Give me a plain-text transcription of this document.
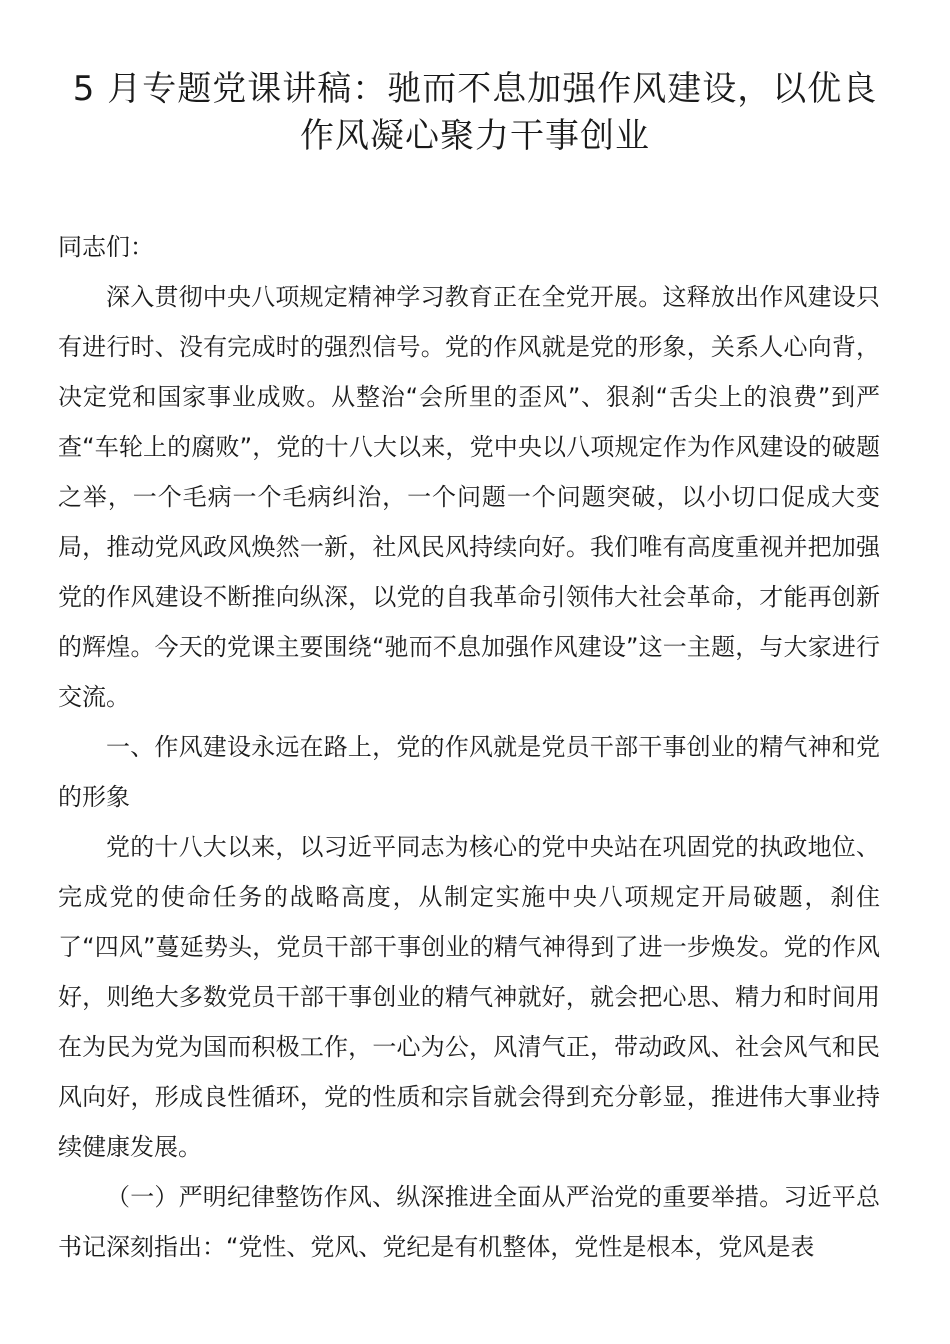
5 月专题党课讲稿：驰而不息加强作风建设，以优良
作风凝心聚力干事创业

同志们：

深入贯彻中央八项规定精神学习教育正在全党开展。这释放出作风建设只有进行时、没有完成时的强烈信号。党的作风就是党的形象，关系人心向背，决定党和国家事业成败。从整治“会所里的歪风”、狠刹“舌尖上的浪费”到严查“车轮上的腐败”，党的十八大以来，党中央以八项规定作为作风建设的破题之举，一个毛病一个毛病纠治，一个问题一个问题突破，以小切口促成大变局，推动党风政风焕然一新，社风民风持续向好。我们唯有高度重视并把加强党的作风建设不断推向纵深，以党的自我革命引领伟大社会革命，才能再创新的辉煌。今天的党课主要围绕“驰而不息加强作风建设”这一主题，与大家进行交流。

一、作风建设永远在路上，党的作风就是党员干部干事创业的精气神和党的形象

党的十八大以来，以习近平同志为核心的党中央站在巩固党的执政地位、完成党的使命任务的战略高度，从制定实施中央八项规定开局破题，刹住了“四风”蔓延势头，党员干部干事创业的精气神得到了进一步焕发。党的作风好，则绝大多数党员干部干事创业的精气神就好，就会把心思、精力和时间用在为民为党为国而积极工作，一心为公，风清气正，带动政风、社会风气和民风向好，形成良性循环，党的性质和宗旨就会得到充分彰显，推进伟大事业持续健康发展。

（一）严明纪律整饬作风、纵深推进全面从严治党的重要举措。习近平总书记深刻指出：“党性、党风、党纪是有机整体，党性是根本，党风是表
